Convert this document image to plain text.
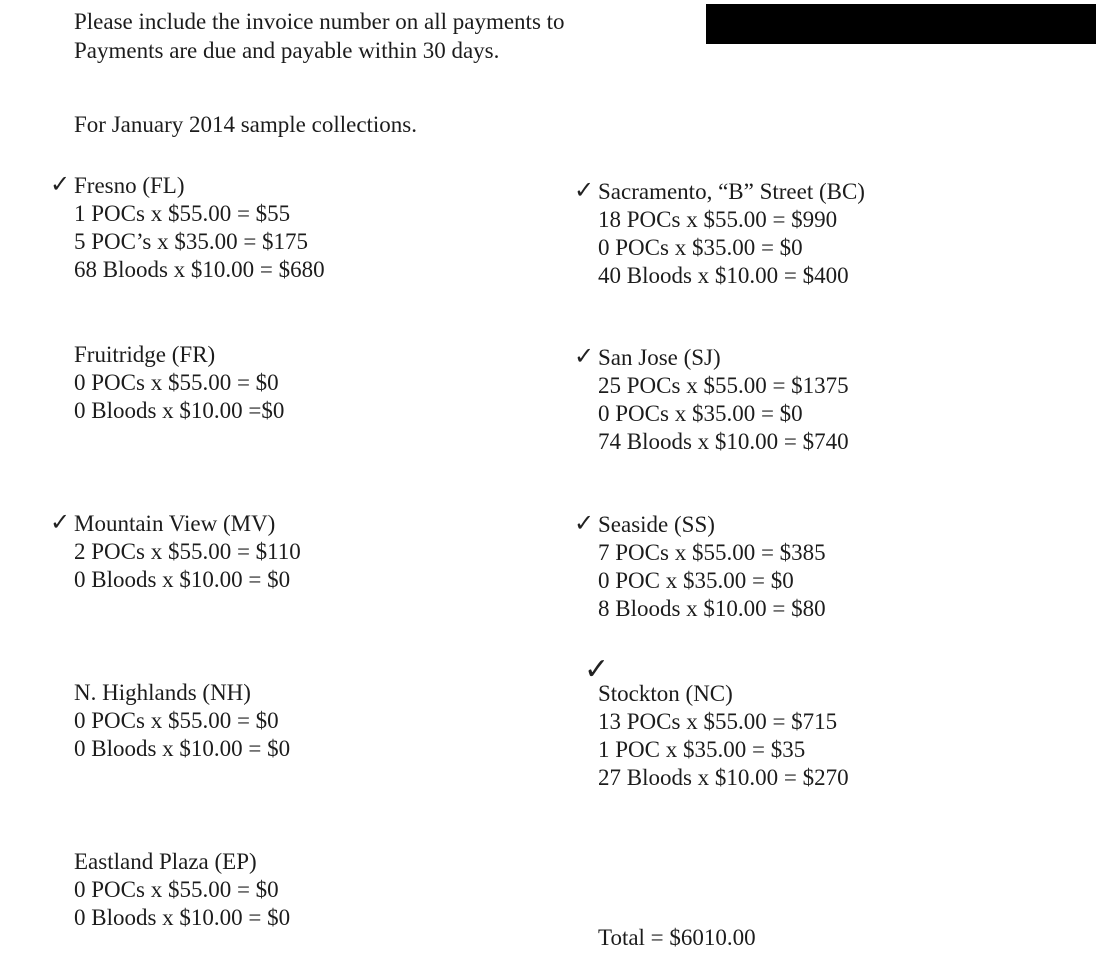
Please include the invoice number on all payments to
Payments are due and payable within 30 days.
For January 2014 sample collections.
✓ Fresno (FL)
1 POCs x $55.00 = $55
5 POC’s x $35.00 = $175
68 Bloods x $10.00 = $680
Fruitridge (FR)
0 POCs x $55.00 = $0
0 Bloods x $10.00 =$0
✓ Mountain View (MV)
2 POCs x $55.00 = $110
0 Bloods x $10.00 = $0
N. Highlands (NH)
0 POCs x $55.00 = $0
0 Bloods x $10.00 = $0
Eastland Plaza (EP)
0 POCs x $55.00 = $0
0 Bloods x $10.00 = $0
✓ Sacramento, “B” Street (BC)
18 POCs x $55.00 = $990
0 POCs x $35.00 = $0
40 Bloods x $10.00 = $400
✓ San Jose (SJ)
25 POCs x $55.00 = $1375
0 POCs x $35.00 = $0
74 Bloods x $10.00 = $740
✓ Seaside (SS)
7 POCs x $55.00 = $385
0 POC x $35.00 = $0
8 Bloods x $10.00 = $80
✓
Stockton (NC)
13 POCs x $55.00 = $715
1 POC x $35.00 = $35
27 Bloods x $10.00 = $270
Total = $6010.00
